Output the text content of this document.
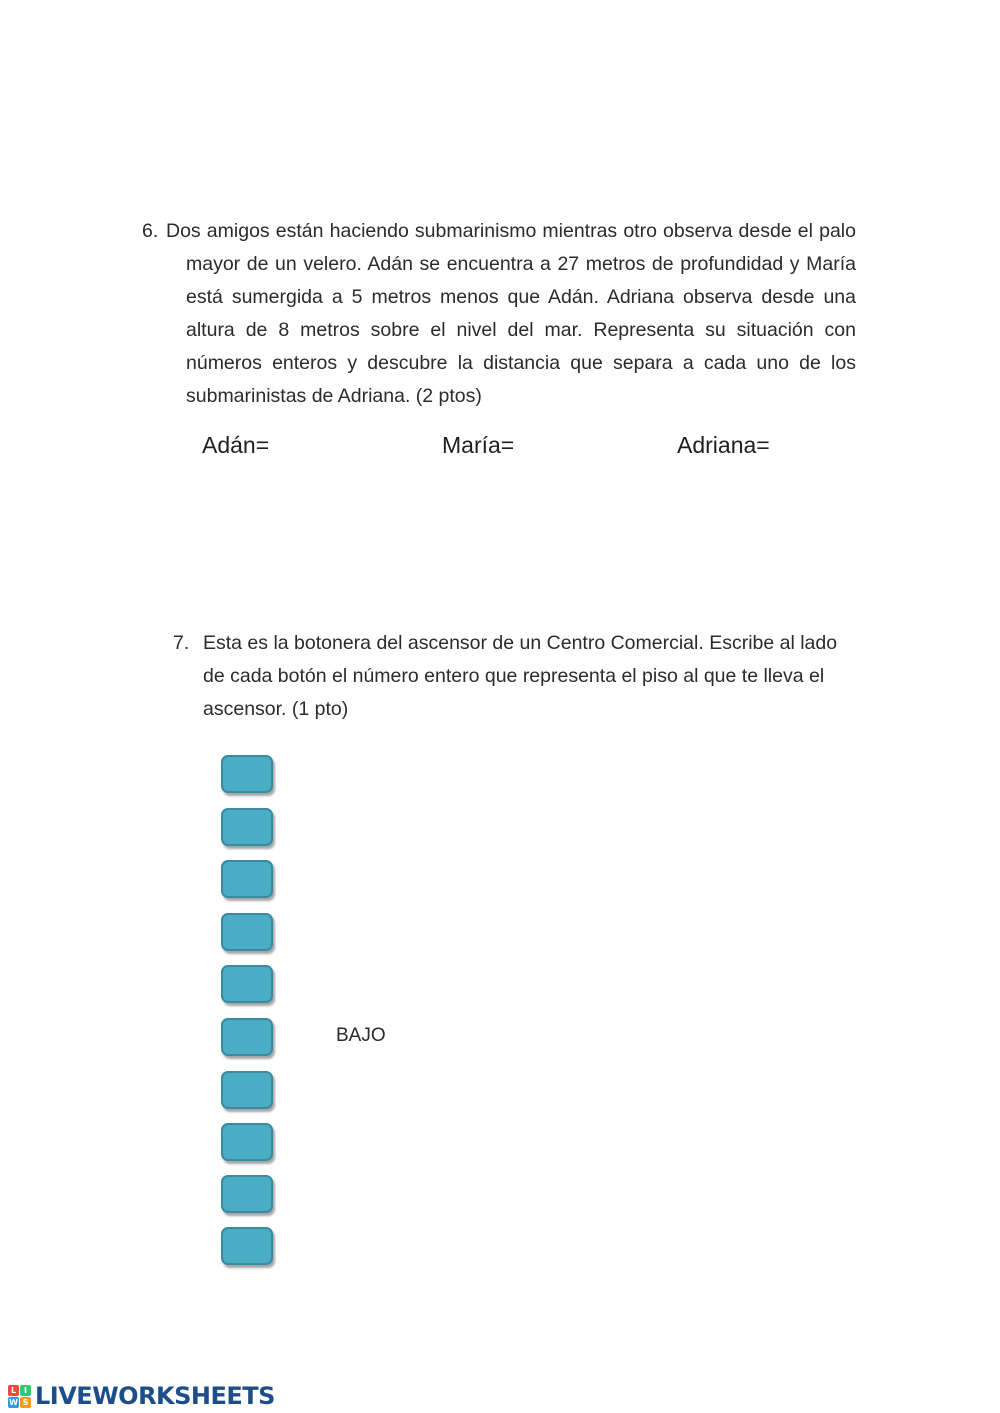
6. Dos amigos están haciendo submarinismo mientras otro observa desde el palo mayor de un velero. Adán se encuentra a 27 metros de profundidad y María está sumergida a 5 metros menos que Adán. Adriana observa desde una altura de 8 metros sobre el nivel del mar. Representa su situación con números enteros y descubre la distancia que separa a cada uno de los submarinistas de Adriana. (2 ptos)
Adán=	María=	Adriana=
7. Esta es la botonera del ascensor de un Centro Comercial. Escribe al lado de cada botón el número entero que representa el piso al que te lleva el ascensor. (1 pto)
BAJO
L I
W S LIVEWORKSHEETS
